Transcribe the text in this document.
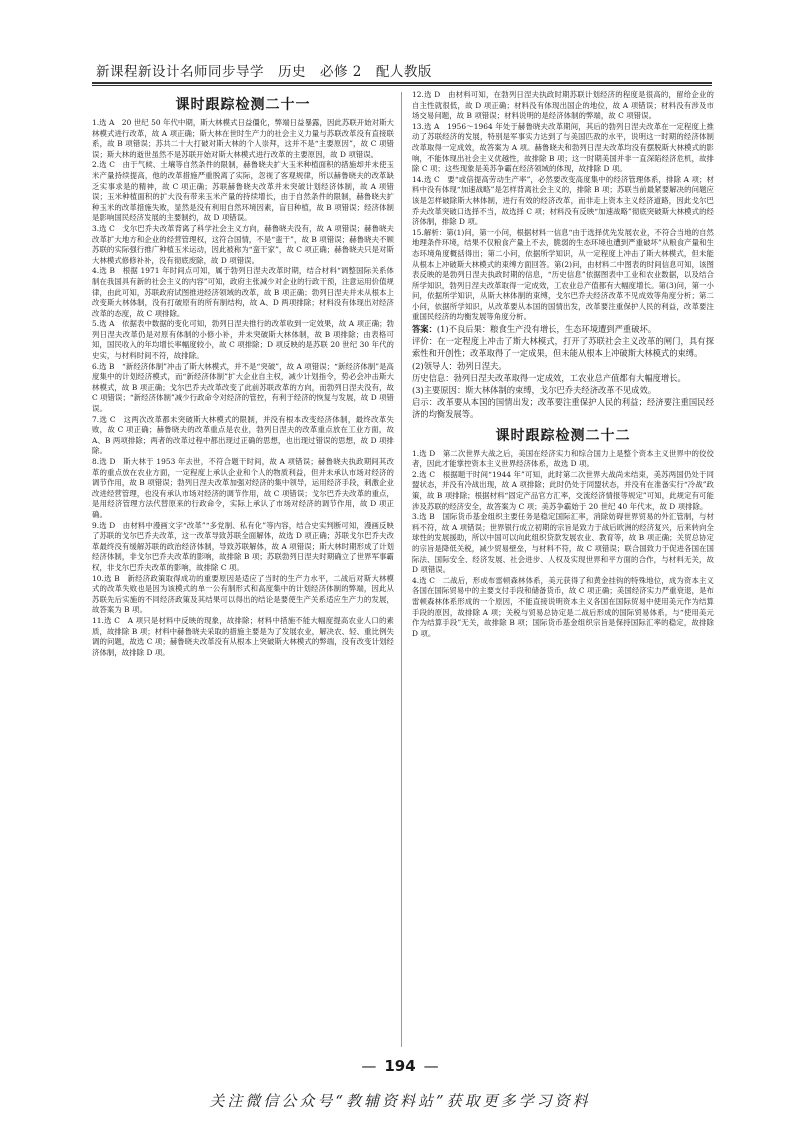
新课程新设计名师同步导学　历史　必修 2　配人教版
课时跟踪检测二十一

1.选 A　20 世纪 50 年代中期，斯大林模式日益僵化，弊端日益暴露，因此苏联开始对斯大林模式进行改革，故 A 项正确；斯大林在世时生产力的社会主义力量与苏联改革没有直接联系，故 B 项错误；苏共二十大打破对斯大林的个人崇拜，这并不是“主要原因”，故 C 项错误；斯大林的逝世虽然不是苏联开始对斯大林模式进行改革的主要原因，故 D 项错误。

2.选 C　由于气候、土壤等自然条件的限制，赫鲁晓夫扩大玉米种植面积的措施却并未使玉米产量持续提高，他的改革措施严重脱离了实际，忽视了客观规律，所以赫鲁晓夫的改革缺乏实事求是的精神，故 C 项正确；苏联赫鲁晓夫改革并未突破计划经济体制，故 A 项错误；玉米种植面积的扩大没有带来玉米产量的持续增长，由于自然条件的限制，赫鲁晓夫扩种玉米的改革措施失败，显然是没有利用自然环境因素，盲目种植，故 B 项错误；经济体制是影响国民经济发展的主要制约，故 D 项错误。

3.选 C　戈尔巴乔夫改革背离了科学社会主义方向，赫鲁晓夫没有，故 A 项错误；赫鲁晓夫改革扩大地方和企业的经营管理权，这符合国情，不是“蛮干”，故 B 项错误；赫鲁晓夫不顾苏联的实际强行推广种植玉米运动，因此被称为“蛮干家”，故 C 项正确；赫鲁晓夫只是对斯大林模式修修补补，没有彻底废除，故 D 项错误。

4.选 B　根据 1971 年时间点可知，属于勃列日涅夫改革时期，结合材料“调整国际关系体制在我国具有新的社会主义的内容”可知，政府主张减少对企业的行政干预，注意运用价值规律，由此可知，苏联政府试图推进经济领域的改革，故 B 项正确；勃列日涅夫并未从根本上改变斯大林体制，没有打破原有的所有制结构，故 A、D 两项排除；材料没有体现出对经济改革的态度，故 C 项排除。

5.选 A　依据表中数据的变化可知，勃列日涅夫推行的改革收到一定效果，故 A 项正确；勃列日涅夫改革仍是对原有体制的小修小补，并未突破斯大林体制，故 B 项排除；由表格可知，国民收入的年均增长率幅度较小，故 C 项排除；D 项反映的是苏联 20 世纪 30 年代的史实，与材料时间不符，故排除。

6.选 B　“新经济体制”冲击了斯大林模式，并不是“突破”，故 A 项错误；“新经济体制”是高度集中的计划经济模式，而“新经济体制”扩大企业自主权，减少计划指令，势必会冲击斯大林模式，故 B 项正确；戈尔巴乔夫改革改变了此前苏联改革的方向，而勃列日涅夫没有，故 C 项错误；“新经济体制”减少行政命令对经济的管控，有利于经济的恢复与发展，故 D 项错误。

7.选 C　这两次改革都未突破斯大林模式的限制，并没有根本改变经济体制，最终改革失败，故 C 项正确；赫鲁晓夫的改革重点是农业，勃列日涅夫的改革重点放在工业方面，故 A、B 两项排除；两者的改革过程中都出现过正确的思想，也出现过错误的思想，故 D 项排除。

8.选 D　斯大林于 1953 年去世，不符合题干时间，故 A 项错误；赫鲁晓夫执政期间其改革的重点放在农业方面，一定程度上承认企业和个人的物质利益，但并未承认市场对经济的调节作用，故 B 项错误；勃列日涅夫改革加强对经济的集中领导，运用经济手段，刺激企业改进经营管理，也没有承认市场对经济的调节作用，故 C 项错误；戈尔巴乔夫改革的重点，是用经济管理方法代替原来的行政命令，实际上承认了市场对经济的调节作用，故 D 项正确。

9.选 D　由材料中漫画文字“改革”“多党制、私有化”等内容，结合史实判断可知，漫画反映了苏联的戈尔巴乔夫改革，这一改革导致苏联全面解体，故选 D 项正确；苏联戈尔巴乔夫改革最终没有缓解苏联的政治经济体制，导致苏联解体，故 A 项错误；斯大林时期形成了计划经济体制，非戈尔巴乔夫改革的影响，故排除 B 项；苏联勃列日涅夫时期确立了世界军事霸权，非戈尔巴乔夫改革的影响，故排除 C 项。

10.选 B　新经济政策取得成功的重要原因是适应了当时的生产力水平，二战后对斯大林模式的改革失败也是因为该模式的单一公有制形式和高度集中的计划经济体制的弊端，因此从苏联先后实施的不同经济政策及其结果可以得出的结论是要使生产关系适应生产力的发展，故答案为 B 项。

11.选 C　A 项只是材料中反映的现象，故排除；材料中措施不能大幅度提高农业人口的素质，故排除 B 项；材料中赫鲁晓夫采取的措施主要是为了发展农业，解决农、轻、重比例失调的问题，故选 C 项；赫鲁晓夫改革没有从根本上突破斯大林模式的弊端，没有改变计划经济体制，故排除 D 项。

12.选 D　由材料可知，在勃列日涅夫执政时期苏联计划经济的程度是很高的，留给企业的自主性就很低，故 D 项正确；材料没有体现出国企的地位，故 A 项错误；材料没有涉及市场交易问题，故 B 项错误；材料说明的是经济体制的弊端，故 C 项错误。

13.选 A　1956～1964 年处于赫鲁晓夫改革期间，其后的勃列日涅夫改革在一定程度上推动了苏联经济的发展，特别是军事实力达到了与美国匹敌的水平，说明这一时期的经济体制改革取得一定成效，故答案为 A 项。赫鲁晓夫和勃列日涅夫改革均没有摆脱斯大林模式的影响，不能体现出社会主义优越性，故排除 B 项；这一时期美国并非一直深陷经济危机，故排除 C 项；这些现象是美苏争霸在经济领域的体现，故排除 D 项。

14.选 C　要“或倍提高劳动生产率”，必然要改变高度集中的经济管理体系，排除 A 项；材料中没有体现“加速战略”是怎样背离社会主义的，排除 B 项；苏联当前最紧要解决的问题应该是怎样破除斯大林体制，进行有效的经济改革，而非走上资本主义经济道路，因此戈尔巴乔夫改革突破口选择不当，故选择 C 项；材料没有反映“加速战略”彻底突破斯大林模式的经济体制，排除 D 项。

15.解析：第(1)问，第一小问，根据材料一信息“由于选择优先发展农业，不符合当地的自然地理条件环境，结果不仅粮食产量上不去，脆弱的生态环境也遭到严重破坏”从粮食产量和生态环境角度概括得出；第二小问，依据所学知识，从一定程度上冲击了斯大林模式，但未能从根本上冲破斯大林模式的束缚方面回答。第(2)问，由材料二中图表的时间信息可知，该图表反映的是勃列日涅夫执政时期的信息，“历史信息”依据图表中工业和农业数据，以及结合所学知识，勃列日涅夫改革取得一定成效，工农业总产值都有大幅度增长。第(3)问，第一小问，依据所学知识，从斯大林体制的束缚，戈尔巴乔夫经济改革不见成效等角度分析；第二小问，依据所学知识，从改革要从本国的国情出发，改革要注重保护人民的利益，改革要注重国民经济的均衡发展等角度分析。

答案：(1)不良后果：粮食生产没有增长，生态环境遭到严重破坏。

评价：在一定程度上冲击了斯大林模式，打开了苏联社会主义改革的闸门，具有探索性和开创性；改革取得了一定成果，但未能从根本上冲破斯大林模式的束缚。

(2)领导人：勃列日涅夫。

历史信息：勃列日涅夫改革取得一定成效，工农业总产值都有大幅度增长。

(3)主要原因：斯大林体制的束缚，戈尔巴乔夫经济改革不见成效。

启示：改革要从本国的国情出发；改革要注重保护人民的利益；经济要注重国民经济的均衡发展等。

课时跟踪检测二十二

1.选 D　第二次世界大战之后，美国在经济实力和综合国力上是整个资本主义世界中的佼佼者，因此才能掌控资本主义世界经济体系，故选 D 项。

2.选 C　根据题干时间“1944 年”可知，此时第二次世界大战尚未结束，美苏两国仍处于同盟状态，并没有冷战出现，故 A 项排除；此时仍处于同盟状态，并没有在准备实行“冷战”政策，故 B 项排除；根据材料“固定产品官方汇率，交流经济情报等规定”可知，此规定有可能涉及苏联的经济安全，故答案为 C 项；美苏争霸始于 20 世纪 40 年代末，故 D 项排除。

3.选 B　国际货币基金组织主要任务是稳定国际汇率，消除妨碍世界贸易的外汇管制，与材料不符，故 A 项错误；世界银行成立初期的宗旨是致力于战后欧洲的经济复兴，后来转向全球性的发展援助，所以中国可以向此组织贷款发展农业、教育等，故 B 项正确；关贸总协定的宗旨是降低关税，减少贸易壁垒，与材料不符，故 C 项错误；联合国致力于促进各国在国际法、国际安全、经济发展、社会进步、人权及实现世界和平方面的合作，与材料无关，故 D 项错误。

4.选 C　二战后，形成布雷顿森林体系，美元获得了和黄金挂钩的特殊地位，成为资本主义各国在国际贸易中的主要支付手段和储备货币，故 C 项正确；美国经济实力严重衰退，是布雷顿森林体系形成的一个原因，不能直接说明资本主义各国在国际贸易中使用美元作为结算手段的原因，故排除 A 项；关税与贸易总协定是二战后形成的国际贸易体系，与“使用美元作为结算手段”无关，故排除 B 项；国际货币基金组织宗旨是保持国际汇率的稳定，故排除 D 项。

— 194 —
关注微信公众号“教辅资料站”获取更多学习资料
